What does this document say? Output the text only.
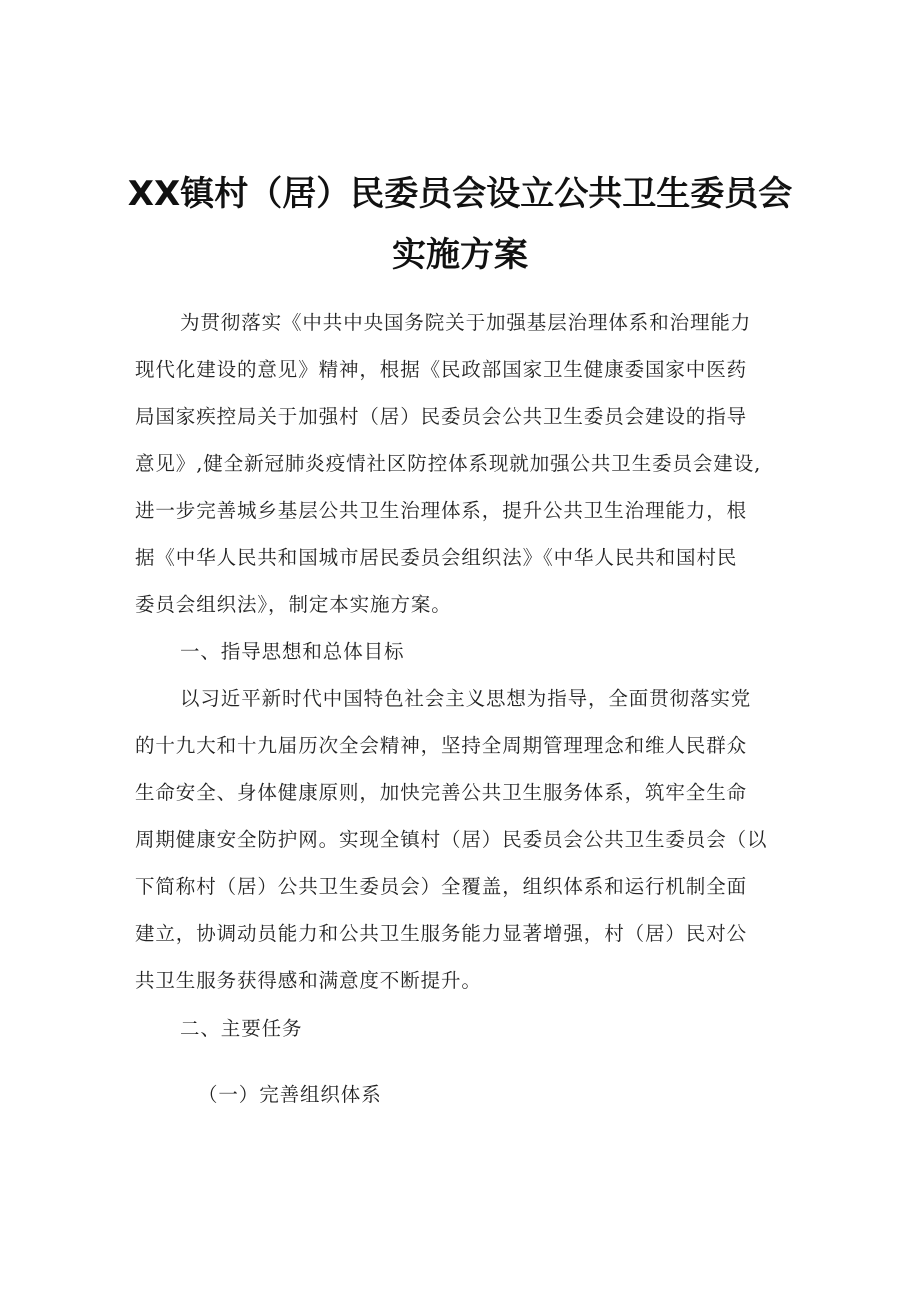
XX镇村（居）民委员会设立公共卫生委员会
实施方案

为贯彻落实《中共中央国务院关于加强基层治理体系和治理能力

现代化建设的意见》精神，根据《民政部国家卫生健康委国家中医药

局国家疾控局关于加强村（居）民委员会公共卫生委员会建设的指导

意见》,健全新冠肺炎疫情社区防控体系现就加强公共卫生委员会建设,

进一步完善城乡基层公共卫生治理体系，提升公共卫生治理能力，根

据《中华人民共和国城市居民委员会组织法》《中华人民共和国村民

委员会组织法》，制定本实施方案。

一、指导思想和总体目标

以习近平新时代中国特色社会主义思想为指导，全面贯彻落实党

的十九大和十九届历次全会精神，坚持全周期管理理念和维人民群众

生命安全、身体健康原则，加快完善公共卫生服务体系，筑牢全生命

周期健康安全防护网。实现全镇村（居）民委员会公共卫生委员会（以

下简称村（居）公共卫生委员会）全覆盖，组织体系和运行机制全面

建立，协调动员能力和公共卫生服务能力显著增强，村（居）民对公

共卫生服务获得感和满意度不断提升。

二、主要任务

（一）完善组织体系
